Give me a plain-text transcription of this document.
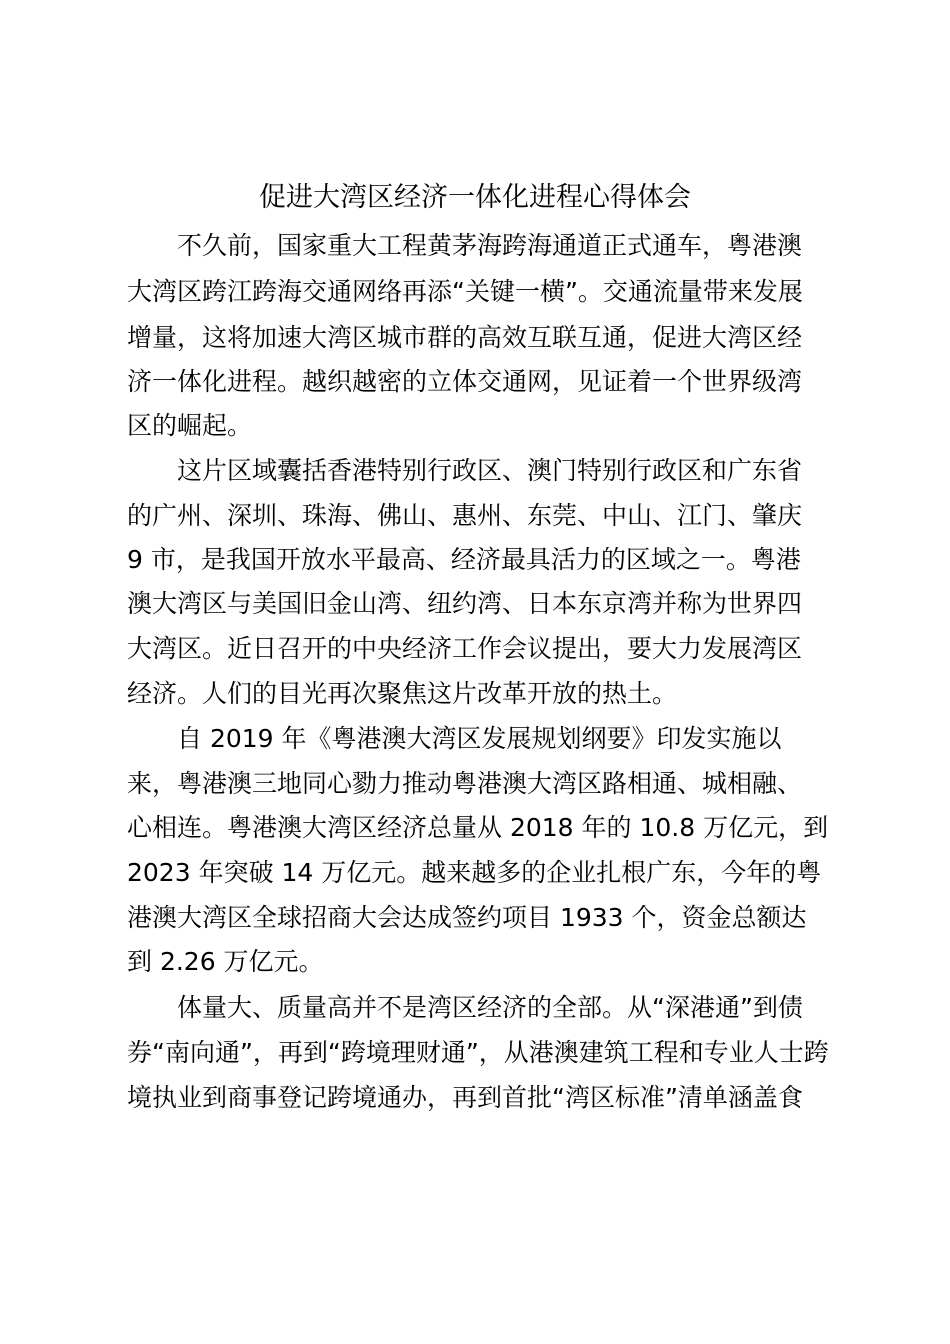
促进大湾区经济一体化进程心得体会

不久前，国家重大工程黄茅海跨海通道正式通车，粤港澳

大湾区跨江跨海交通网络再添“关键一横”。交通流量带来发展

增量，这将加速大湾区城市群的高效互联互通，促进大湾区经

济一体化进程。越织越密的立体交通网，见证着一个世界级湾

区的崛起。

这片区域囊括香港特别行政区、澳门特别行政区和广东省

的广州、深圳、珠海、佛山、惠州、东莞、中山、江门、肇庆

9 市，是我国开放水平最高、经济最具活力的区域之一。粤港

澳大湾区与美国旧金山湾、纽约湾、日本东京湾并称为世界四

大湾区。近日召开的中央经济工作会议提出，要大力发展湾区

经济。人们的目光再次聚焦这片改革开放的热土。

自 2019 年《粤港澳大湾区发展规划纲要》印发实施以

来，粤港澳三地同心勠力推动粤港澳大湾区路相通、城相融、

心相连。粤港澳大湾区经济总量从 2018 年的 10.8 万亿元，到

2023 年突破 14 万亿元。越来越多的企业扎根广东，今年的粤

港澳大湾区全球招商大会达成签约项目 1933 个，资金总额达

到 2.26 万亿元。

体量大、质量高并不是湾区经济的全部。从“深港通”到债

券“南向通”，再到“跨境理财通”，从港澳建筑工程和专业人士跨

境执业到商事登记跨境通办，再到首批“湾区标准”清单涵盖食
